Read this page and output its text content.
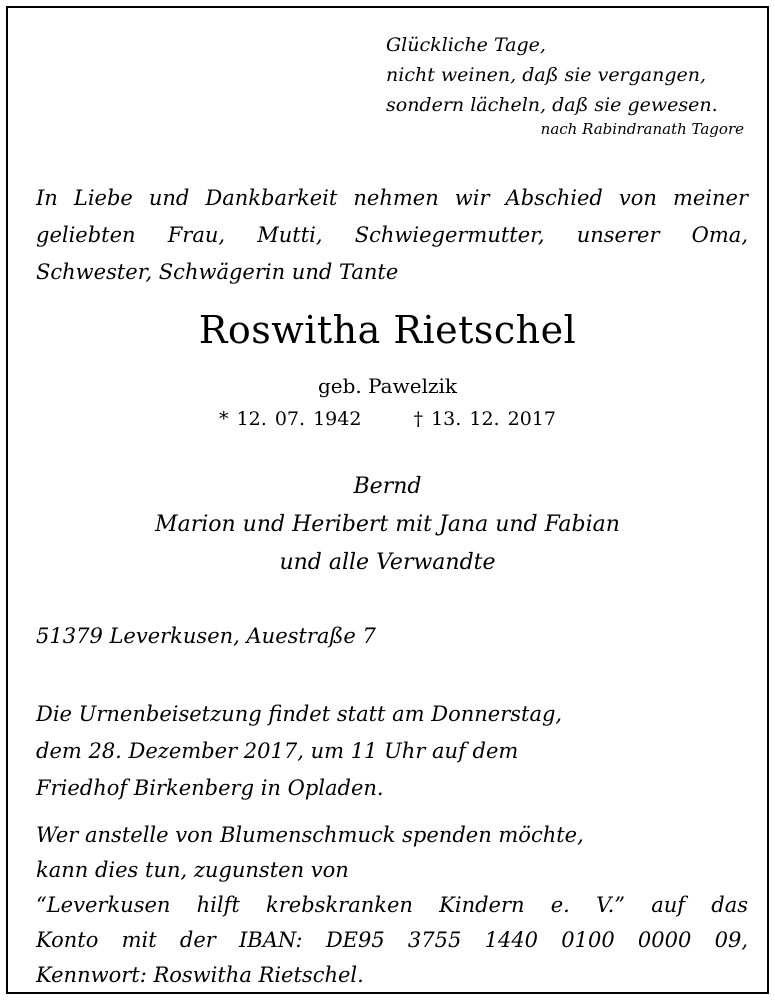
Glückliche Tage,
nicht weinen, daß sie vergangen,
sondern lächeln, daß sie gewesen.
nach Rabindranath Tagore
In Liebe und Dankbarkeit nehmen wir Abschied von meiner
geliebten Frau, Mutti, Schwiegermutter, unserer Oma,
Schwester, Schwägerin und Tante
Roswitha Rietschel
geb. Pawelzik
* 12. 07. 1942	† 13. 12. 2017
Bernd
Marion und Heribert mit Jana und Fabian
und alle Verwandte
51379 Leverkusen, Auestraße 7
Die Urnenbeisetzung findet statt am Donnerstag,
dem 28. Dezember 2017, um 11 Uhr auf dem
Friedhof Birkenberg in Opladen.
Wer anstelle von Blumenschmuck spenden möchte,
kann dies tun, zugunsten von
“Leverkusen hilft krebskranken Kindern e. V.” auf das
Konto mit der IBAN: DE95 3755 1440 0100 0000 09,
Kennwort: Roswitha Rietschel.
